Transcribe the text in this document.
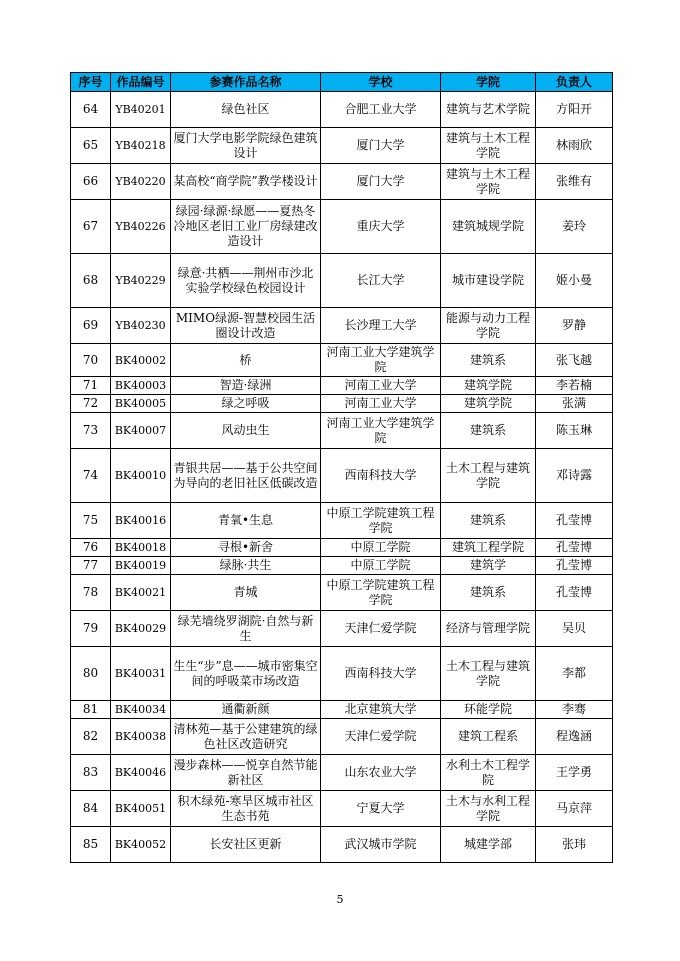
序号	作品编号	参赛作品名称	学校	学院	负责人
64	YB40201	绿色社区	合肥工业大学	建筑与艺术学院	方阳开
65	YB40218	厦门大学电影学院绿色建筑设计	厦门大学	建筑与土木工程学院	林雨欣
66	YB40220	某高校“商学院”教学楼设计	厦门大学	建筑与土木工程学院	张维有
67	YB40226	绿园·绿源·绿愿——夏热冬冷地区老旧工业厂房绿建改造设计	重庆大学	建筑城规学院	姜玲
68	YB40229	绿意·共栖——荆州市沙北实验学校绿色校园设计	长江大学	城市建设学院	姬小曼
69	YB40230	MIMO绿源-智慧校园生活圈设计改造	长沙理工大学	能源与动力工程学院	罗静
70	BK40002	桥	河南工业大学建筑学院	建筑系	张飞越
71	BK40003	智造·绿洲	河南工业大学	建筑学院	李若楠
72	BK40005	绿之呼吸	河南工业大学	建筑学院	张满
73	BK40007	风动虫生	河南工业大学建筑学院	建筑系	陈玉琳
74	BK40010	青银共居——基于公共空间为导向的老旧社区低碳改造	西南科技大学	土木工程与建筑学院	邓诗露
75	BK40016	青氧•生息	中原工学院建筑工程学院	建筑系	孔莹博
76	BK40018	寻根•新舍	中原工学院	建筑工程学院	孔莹博
77	BK40019	绿脉·共生	中原工学院	建筑学	孔莹博
78	BK40021	青城	中原工学院建筑工程学院	建筑系	孔莹博
79	BK40029	绿芜墙绕罗湖院·自然与新生	天津仁爱学院	经济与管理学院	吴贝
80	BK40031	生生“步”息——城市密集空间的呼吸菜市场改造	西南科技大学	土木工程与建筑学院	李都
81	BK40034	通衢新颜	北京建筑大学	环能学院	李骞
82	BK40038	清林苑—基于公建建筑的绿色社区改造研究	天津仁爱学院	建筑工程系	程逸涵
83	BK40046	漫步森林——悦享自然节能新社区	山东农业大学	水利土木工程学院	王学勇
84	BK40051	积木绿苑-寒旱区城市社区生态书苑	宁夏大学	土木与水利工程学院	马京萍
85	BK40052	长安社区更新	武汉城市学院	城建学部	张玮
5
